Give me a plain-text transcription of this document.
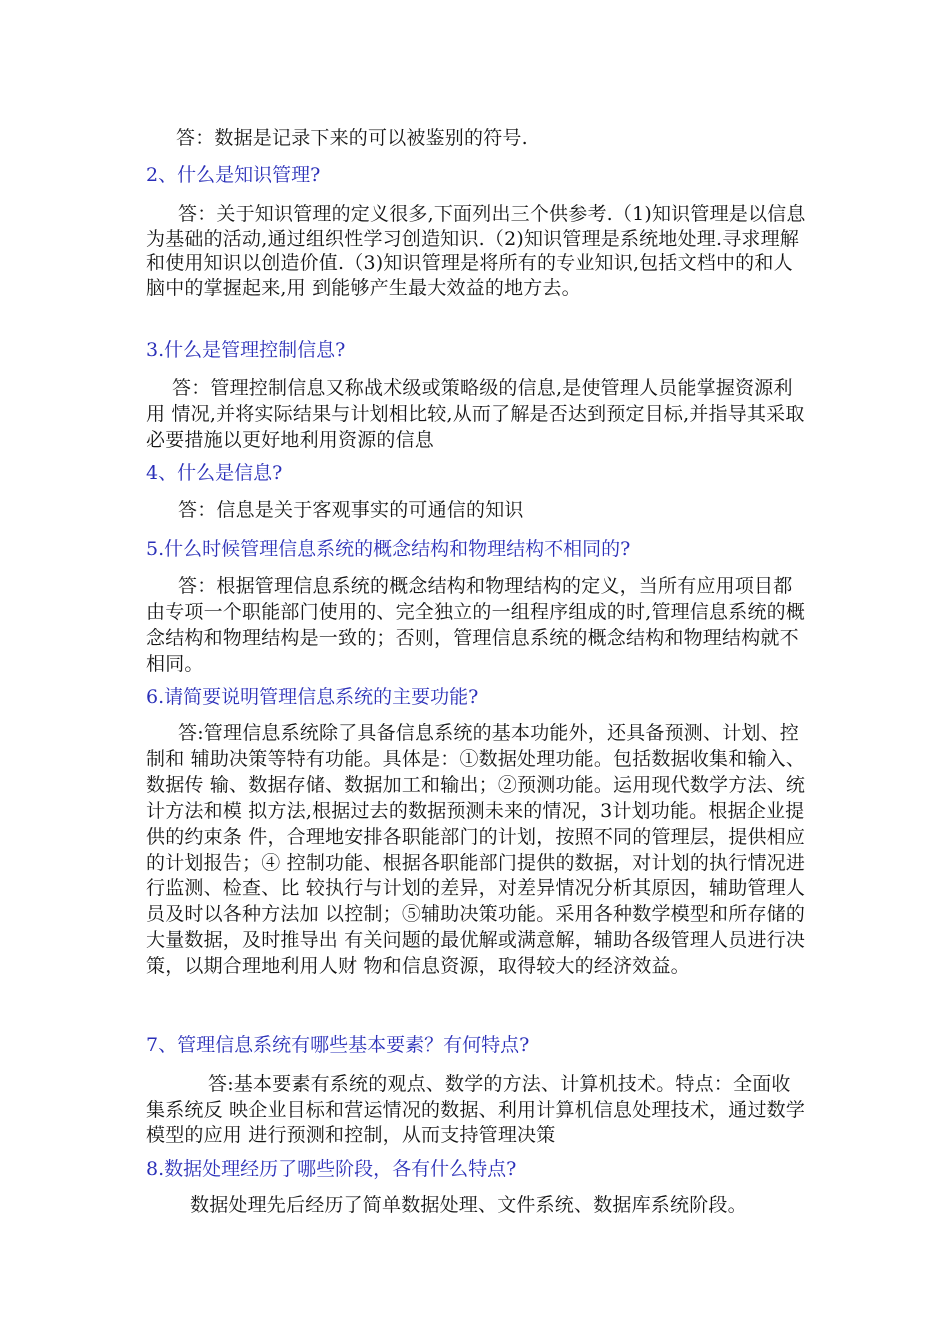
答：数据是记录下来的可以被鉴别的符号.
2、什么是知识管理?
答：关于知识管理的定义很多,下面列出三个供参考.（1)知识管理是以信息为基础的活动,通过组织性学习创造知识.（2)知识管理是系统地处理.寻求理解和使用知识以创造价值.（3)知识管理是将所有的专业知识,包括文档中的和人脑中的掌握起来,用 到能够产生最大效益的地方去。
3.什么是管理控制信息?
答：管理控制信息又称战术级或策略级的信息,是使管理人员能掌握资源利用 情况,并将实际结果与计划相比较,从而了解是否达到预定目标,并指导其采取 必要措施以更好地利用资源的信息
4、什么是信息?
答：信息是关于客观事实的可通信的知识
5.什么时候管理信息系统的概念结构和物理结构不相同的?
答：根据管理信息系统的概念结构和物理结构的定义，当所有应用项目都由专项一个职能部门使用的、完全独立的一组程序组成的时,管理信息系统的概念结构和物理结构是一致的；否则，管理信息系统的概念结构和物理结构就不相同。
6.请简要说明管理信息系统的主要功能?
答:管理信息系统除了具备信息系统的基本功能外，还具备预测、计划、控制和 辅助决策等特有功能。具体是：①数据处理功能。包括数据收集和输入、数据传 输、数据存储、数据加工和输出；②预测功能。运用现代数学方法、统计方法和模 拟方法,根据过去的数据预测未来的情况，3计划功能。根据企业提供的约束条 件，合理地安排各职能部门的计划，按照不同的管理层，提供相应的计划报告；④ 控制功能、根据各职能部门提供的数据，对计划的执行情况进行监测、检查、比 较执行与计划的差异，对差异情况分析其原因，辅助管理人员及时以各种方法加 以控制；⑤辅助决策功能。采用各种数学模型和所存储的大量数据，及时推导出 有关问题的最优解或满意解，辅助各级管理人员进行决策，以期合理地利用人财 物和信息资源，取得较大的经济效益。
7、管理信息系统有哪些基本要素？有何特点?
答:基本要素有系统的观点、数学的方法、计算机技术。特点：全面收集系统反 映企业目标和营运情况的数据、利用计算机信息处理技术，通过数学模型的应用 进行预测和控制，从而支持管理决策
8.数据处理经历了哪些阶段，各有什么特点?
数据处理先后经历了简单数据处理、文件系统、数据库系统阶段。
